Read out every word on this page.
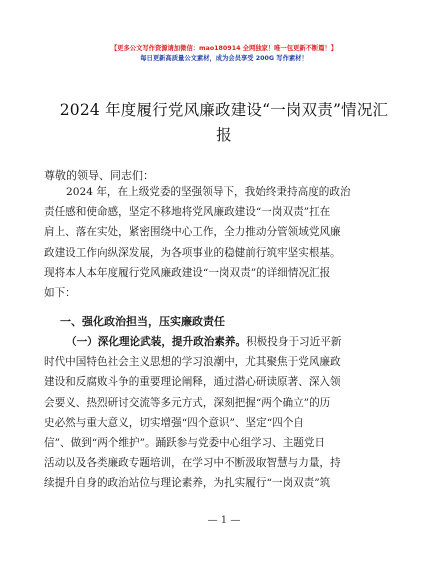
【更多公文写作资源请加微信：mao180914 全网独家！唯一包更新不断篇！】
每日更新高质量公文素材，成为会员享受 200G 写作素材！
2024 年度履行党风廉政建设“一岗双责”情况汇
报
尊敬的领导、同志们：
2024 年，在上级党委的坚强领导下，我始终秉持高度的政治
责任感和使命感，坚定不移地将党风廉政建设“一岗双责”扛在
肩上、落在实处，紧密围绕中心工作，全力推动分管领域党风廉
政建设工作向纵深发展，为各项事业的稳健前行筑牢坚实根基。
现将本人本年度履行党风廉政建设“一岗双责”的详细情况汇报
如下：
一、强化政治担当，压实廉政责任
（一）深化理论武装，提升政治素养。积极投身于习近平新
时代中国特色社会主义思想的学习浪潮中，尤其聚焦于党风廉政
建设和反腐败斗争的重要理论阐释，通过潜心研读原著、深入领
会要义、热烈研讨交流等多元方式，深刻把握“两个确立”的历
史必然与重大意义，切实增强“四个意识”、坚定“四个自
信”、做到“两个维护”。踊跃参与党委中心组学习、主题党日
活动以及各类廉政专题培训，在学习中不断汲取智慧与力量，持
续提升自身的政治站位与理论素养，为扎实履行“一岗双责”筑
— 1 —
